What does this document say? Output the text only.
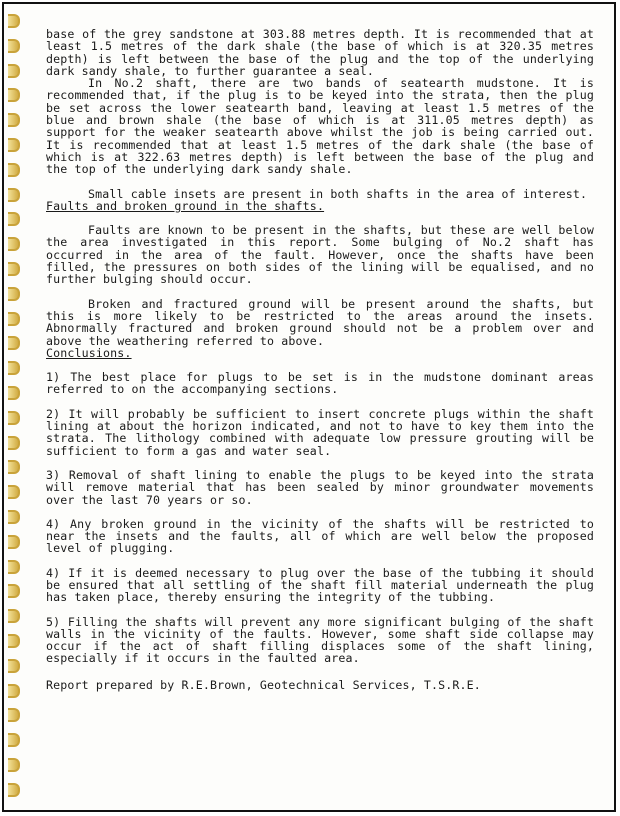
base of the grey sandstone at 303.88 metres depth. It is recommended that at least 1.5 metres of the dark shale (the base of which is at 320.35 metres depth) is left between the base of the plug and the top of the underlying dark sandy shale, to further guarantee a seal.

In No.2 shaft, there are two bands of seatearth mudstone. It is recommended that, if the plug is to be keyed into the strata, then the plug be set across the lower seatearth band, leaving at least 1.5 metres of the blue and brown shale (the base of which is at 311.05 metres depth) as support for the weaker seatearth above whilst the job is being carried out. It is recommended that at least 1.5 metres of the dark shale (the base of which is at 322.63 metres depth) is left between the base of the plug and the top of the underlying dark sandy shale.

Small cable insets are present in both shafts in the area of interest.

Faults and broken ground in the shafts.

Faults are known to be present in the shafts, but these are well below the area investigated in this report. Some bulging of No.2 shaft has occurred in the area of the fault. However, once the shafts have been filled, the pressures on both sides of the lining will be equalised, and no further bulging should occur.

Broken and fractured ground will be present around the shafts, but this is more likely to be restricted to the areas around the insets. Abnormally fractured and broken ground should not be a problem over and above the weathering referred to above.

Conclusions.

1) The best place for plugs to be set is in the mudstone dominant areas referred to on the accompanying sections.

2) It will probably be sufficient to insert concrete plugs within the shaft lining at about the horizon indicated, and not to have to key them into the strata. The lithology combined with adequate low pressure grouting will be sufficient to form a gas and water seal.

3) Removal of shaft lining to enable the plugs to be keyed into the strata will remove material that has been sealed by minor groundwater movements over the last 70 years or so.

4) Any broken ground in the vicinity of the shafts will be restricted to near the insets and the faults, all of which are well below the proposed level of plugging.

4) If it is deemed necessary to plug over the base of the tubbing it should be ensured that all settling of the shaft fill material underneath the plug has taken place, thereby ensuring the integrity of the tubbing.

5) Filling the shafts will prevent any more significant bulging of the shaft walls in the vicinity of the faults. However, some shaft side collapse may occur if the act of shaft filling displaces some of the shaft lining, especially if it occurs in the faulted area.

Report prepared by R.E.Brown, Geotechnical Services, T.S.R.E.
